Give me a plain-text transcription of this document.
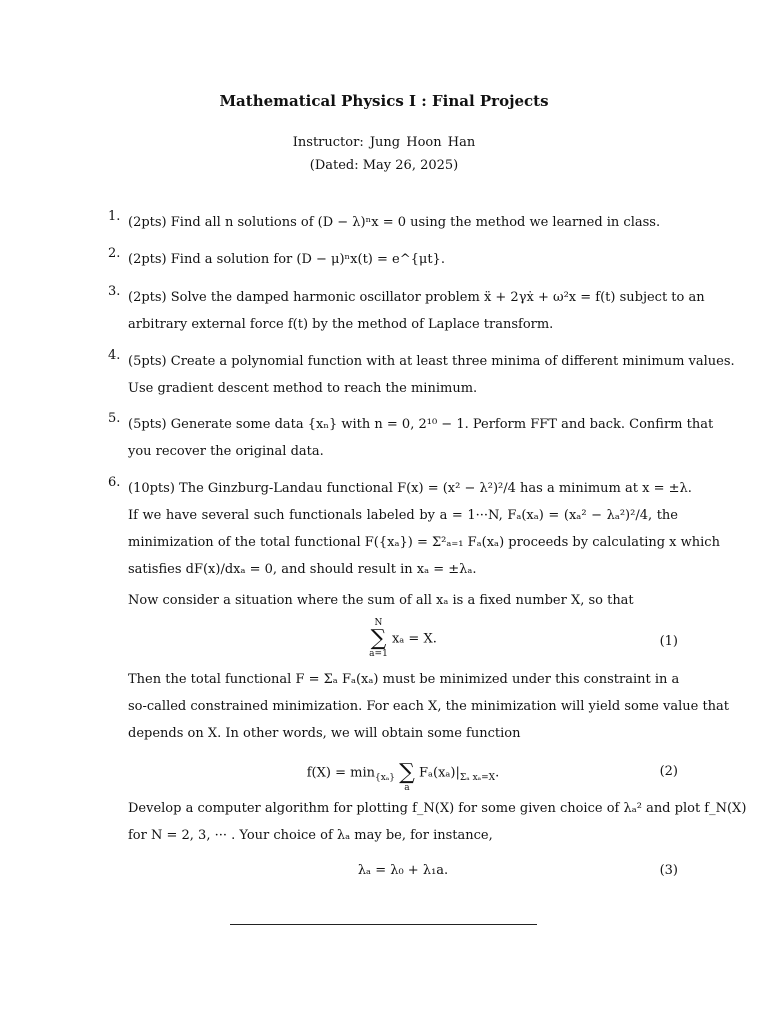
Mathematical Physics I : Final Projects
Instructor: Jung Hoon Han
(Dated: May 26, 2025)
1. (2pts) Find all n solutions of (D − λ)ⁿx = 0 using the method we learned in class.
2. (2pts) Find a solution for (D − μ)ⁿx(t) = e^{μt}.
3. (2pts) Solve the damped harmonic oscillator problem ẍ + 2γẋ + ω²x = f(t) subject to an
arbitrary external force f(t) by the method of Laplace transform.
4. (5pts) Create a polynomial function with at least three minima of different minimum values.
Use gradient descent method to reach the minimum.
5. (5pts) Generate some data {xₙ} with n = 0, 2¹⁰ − 1. Perform FFT and back. Confirm that
you recover the original data.
6. (10pts) The Ginzburg-Landau functional F(x) = (x² − λ²)²/4 has a minimum at x = ±λ.
If we have several such functionals labeled by a = 1···N, Fₐ(xₐ) = (xₐ² − λₐ²)²/4, the
minimization of the total functional F({xₐ}) = Σ²ₐ₌₁ Fₐ(xₐ) proceeds by calculating x which
satisfies dF(x)/dxₐ = 0, and should result in xₐ = ±λₐ.
Now consider a situation where the sum of all xₐ is a fixed number X, so that
N
∑
a=1
xₐ = X.	(1)
Then the total functional F = Σₐ Fₐ(xₐ) must be minimized under this constraint in a
so-called constrained minimization. For each X, the minimization will yield some value that
depends on X. In other words, we will obtain some function
$f(X) = \min_{\{x_a\}}$
∑
a
$F_a(x_a)|_{\Sigma_a x_a=X}$.	(2)
Develop a computer algorithm for plotting f_N(X) for some given choice of λₐ² and plot f_N(X)
for N = 2, 3, ··· . Your choice of λₐ may be, for instance,
λₐ = λ₀ + λ₁a.	(3)
